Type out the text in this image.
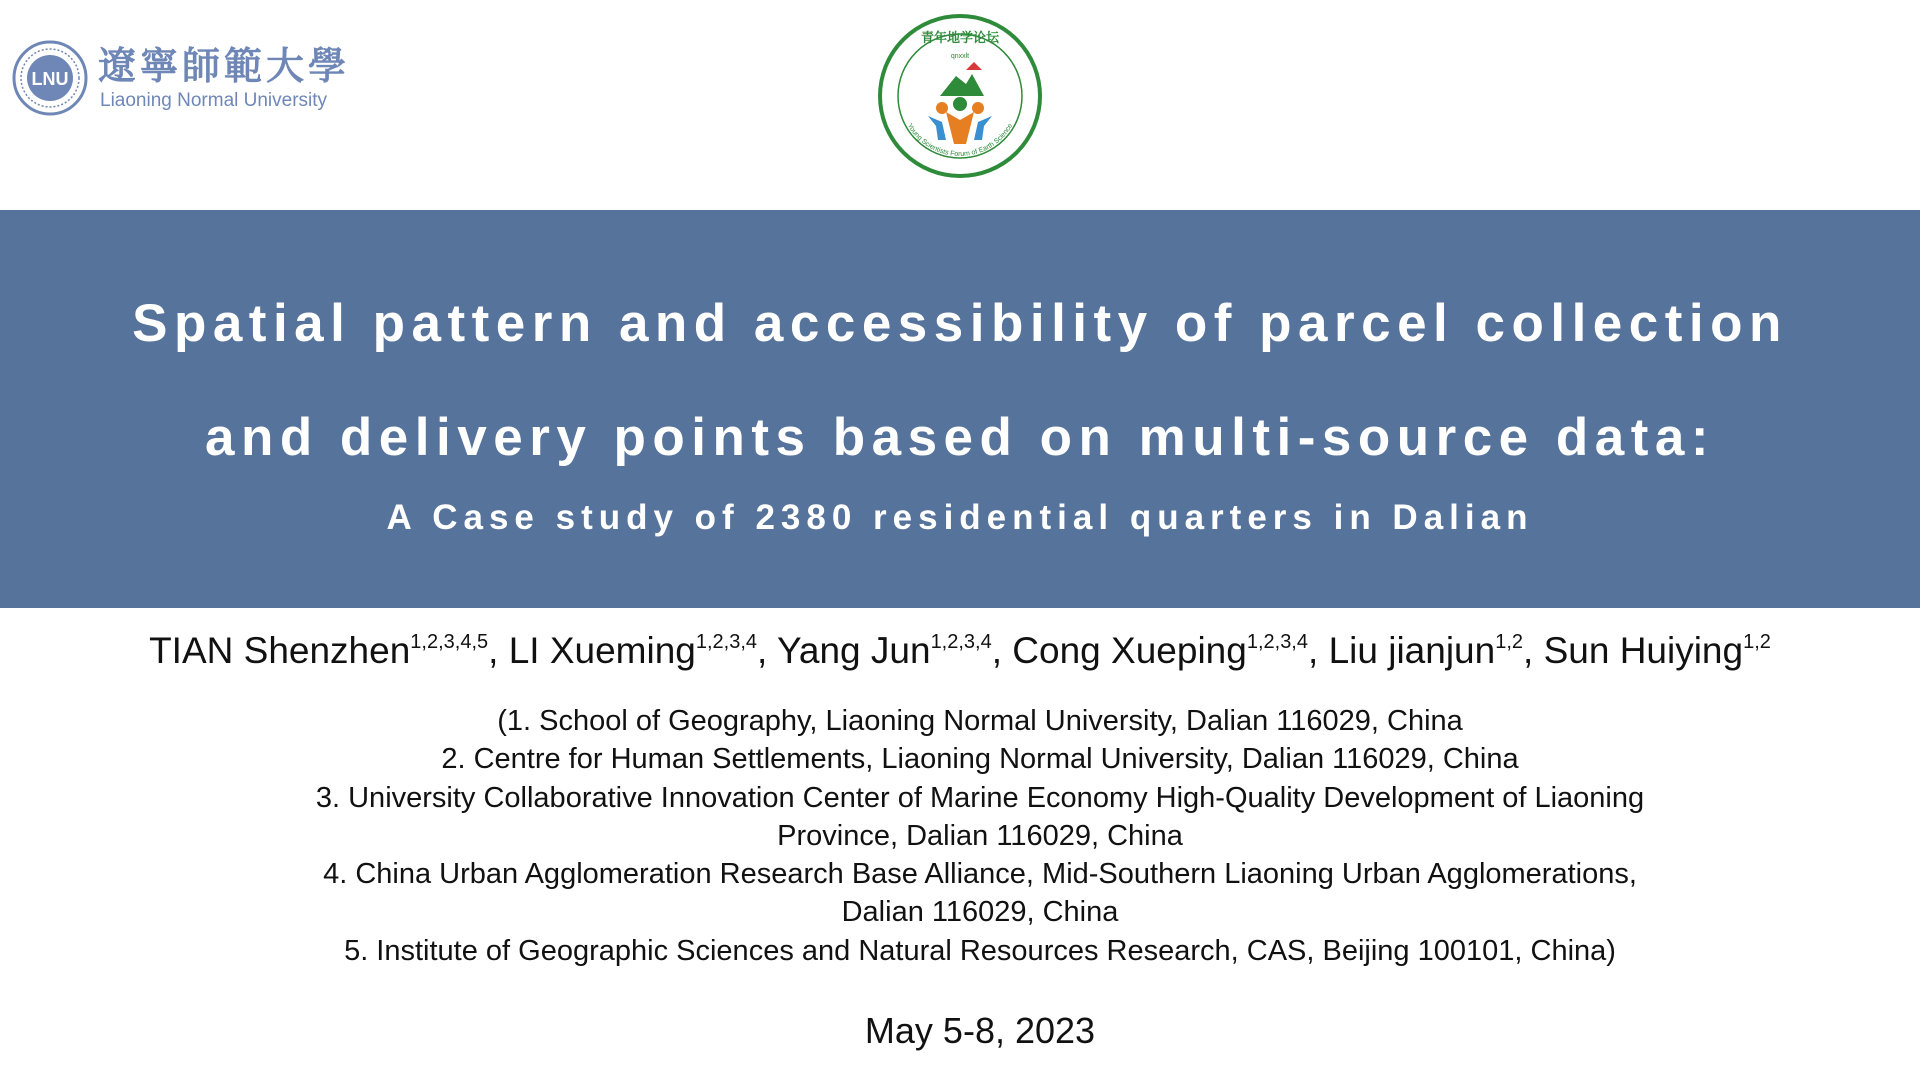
LNU 遼寧師範大學
Liaoning Normal University
青年地学论坛
qnxxlt
Young Scientists Forum of Earth Science
Spatial pattern and accessibility of parcel collection
and delivery points based on multi-source data:
A Case study of 2380 residential quarters in Dalian
TIAN Shenzhen$^{1,2,3,4,5}$, LI Xueming$^{1,2,3,4}$, Yang Jun$^{1,2,3,4}$, Cong Xueping$^{1,2,3,4}$, Liu jianjun$^{1,2}$, Sun Huiying$^{1,2}$
(1. School of Geography, Liaoning Normal University, Dalian 116029, China
2. Centre for Human Settlements, Liaoning Normal University, Dalian 116029, China
3. University Collaborative Innovation Center of Marine Economy High-Quality Development of Liaoning
Province, Dalian 116029, China
4. China Urban Agglomeration Research Base Alliance, Mid-Southern Liaoning Urban Agglomerations,
Dalian 116029, China
5. Institute of Geographic Sciences and Natural Resources Research, CAS, Beijing 100101, China)
May 5-8, 2023
